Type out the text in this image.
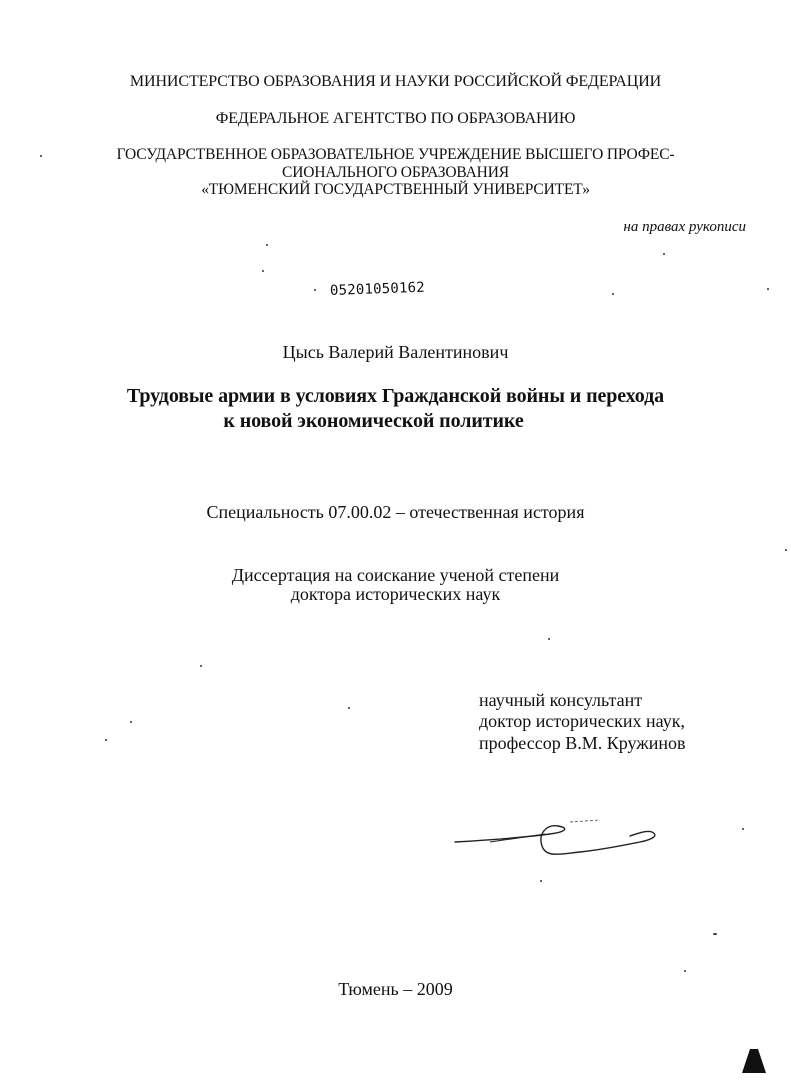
МИНИСТЕРСТВО ОБРАЗОВАНИЯ И НАУКИ РОССИЙСКОЙ ФЕДЕРАЦИИ
ФЕДЕРАЛЬНОЕ АГЕНТСТВО ПО ОБРАЗОВАНИЮ
ГОСУДАРСТВЕННОЕ ОБРАЗОВАТЕЛЬНОЕ УЧРЕЖДЕНИЕ ВЫСШЕГО ПРОФЕС-
СИОНАЛЬНОГО ОБРАЗОВАНИЯ
«ТЮМЕНСКИЙ ГОСУДАРСТВЕННЫЙ УНИВЕРСИТЕТ»
на правах рукописи
05201050162
Цысь Валерий Валентинович
Трудовые армии в условиях Гражданской войны и перехода
к новой экономической политике
Специальность 07.00.02 – отечественная история
Диссертация на соискание ученой степени
доктора исторических наук
научный консультант
доктор исторических наук,
профессор В.М. Кружинов
Тюмень – 2009
